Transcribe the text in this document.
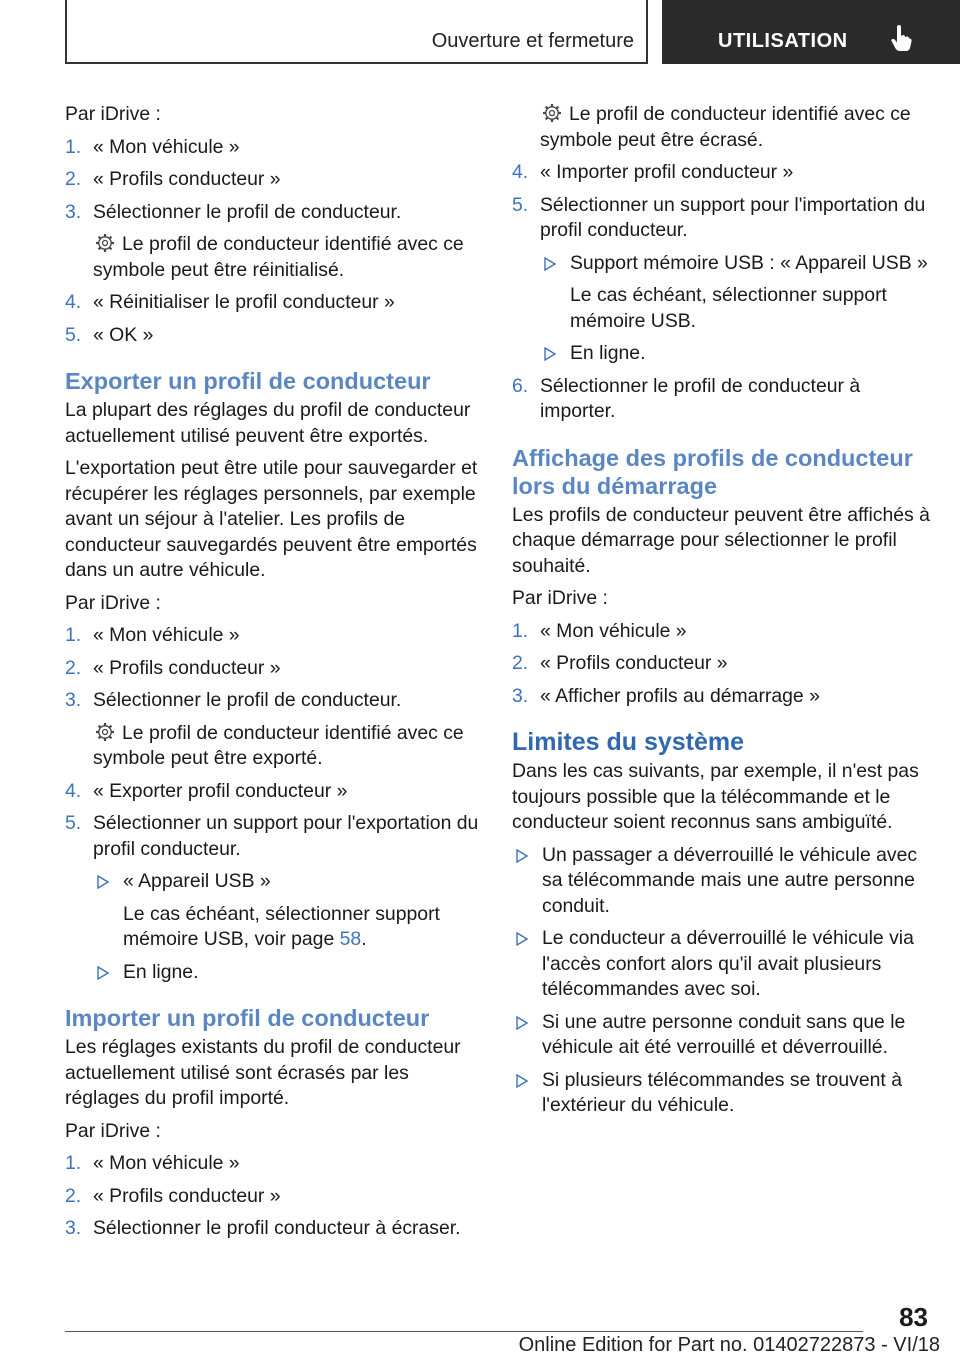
Ouverture et fermeture	UTILISATION

Par iDrive :

1. « Mon véhicule »
2. « Profils conducteur »
3. Sélectionner le profil de conducteur.
Le profil de conducteur identifié avec ce symbole peut être réinitialisé.
4. « Réinitialiser le profil conducteur »
5. « OK »
Exporter un profil de conducteur

La plupart des réglages du profil de conducteur actuellement utilisé peuvent être exportés.

L'exportation peut être utile pour sauvegarder et récupérer les réglages personnels, par exemple avant un séjour à l'atelier. Les profils de conducteur sauvegardés peuvent être emportés dans un autre véhicule.

Par iDrive :

1. « Mon véhicule »
2. « Profils conducteur »
3. Sélectionner le profil de conducteur.
Le profil de conducteur identifié avec ce symbole peut être exporté.
4. « Exporter profil conducteur »
5. Sélectionner un support pour l'exportation du profil conducteur.
« Appareil USB »
Le cas échéant, sélectionner support mémoire USB, voir page 58.
En ligne.
Importer un profil de conducteur

Les réglages existants du profil de conducteur actuellement utilisé sont écrasés par les réglages du profil importé.

Par iDrive :

1. « Mon véhicule »
2. « Profils conducteur »
3. Sélectionner le profil conducteur à écraser.
Le profil de conducteur identifié avec ce symbole peut être écrasé.
4. « Importer profil conducteur »
5. Sélectionner un support pour l'importation du profil conducteur.
Support mémoire USB : « Appareil USB »
Le cas échéant, sélectionner support mémoire USB.
En ligne.
6. Sélectionner le profil de conducteur à importer.
Affichage des profils de conducteur lors du démarrage

Les profils de conducteur peuvent être affichés à chaque démarrage pour sélectionner le profil souhaité.

Par iDrive :

1. « Mon véhicule »
2. « Profils conducteur »
3. « Afficher profils au démarrage »
Limites du système

Dans les cas suivants, par exemple, il n'est pas toujours possible que la télécommande et le conducteur soient reconnus sans ambiguïté.

Un passager a déverrouillé le véhicule avec sa télécommande mais une autre personne conduit.
Le conducteur a déverrouillé le véhicule via l'accès confort alors qu'il avait plusieurs télécommandes avec soi.
Si une autre personne conduit sans que le véhicule ait été verrouillé et déverrouillé.
Si plusieurs télécommandes se trouvent à l'extérieur du véhicule.
83
Online Edition for Part no. 01402722873 - VI/18
